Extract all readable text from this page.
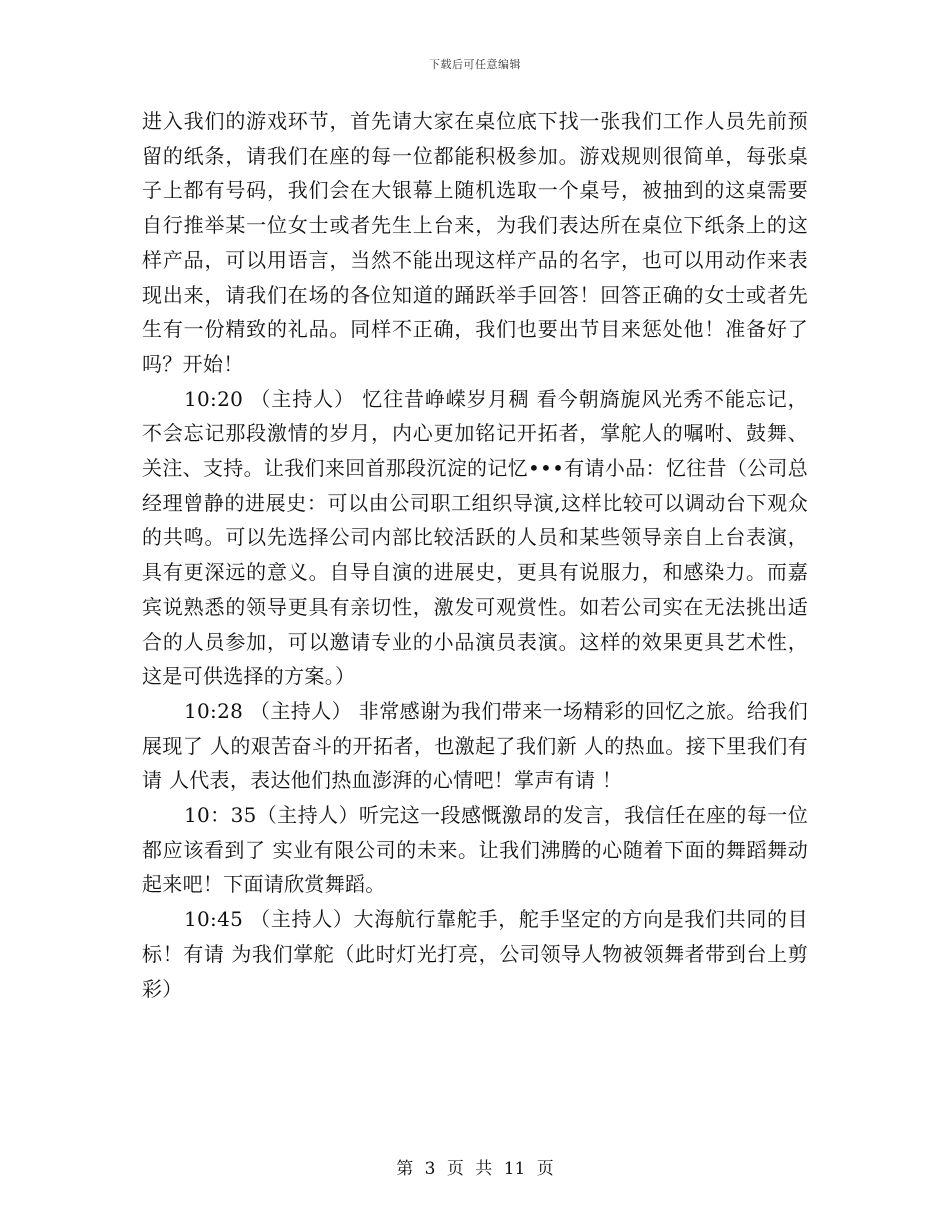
下载后可任意编辑

进入我们的游戏环节，首先请大家在桌位底下找一张我们工作人员先前预留的纸条，请我们在座的每一位都能积极参加。游戏规则很简单，每张桌子上都有号码，我们会在大银幕上随机选取一个桌号，被抽到的这桌需要自行推举某一位女士或者先生上台来，为我们表达所在桌位下纸条上的这样产品，可以用语言，当然不能出现这样产品的名字，也可以用动作来表现出来，请我们在场的各位知道的踊跃举手回答！回答正确的女士或者先生有一份精致的礼品。同样不正确，我们也要出节目来惩处他！准备好了吗？开始！

10:20 （主持人） 忆往昔峥嵘岁月稠 看今朝旖旎风光秀不能忘记，不会忘记那段激情的岁月，内心更加铭记开拓者，掌舵人的嘱咐、鼓舞、关注、支持。让我们来回首那段沉淀的记忆•••有请小品：忆往昔（公司总经理曾静的进展史：可以由公司职工组织导演,这样比较可以调动台下观众的共鸣。可以先选择公司内部比较活跃的人员和某些领导亲自上台表演，具有更深远的意义。自导自演的进展史，更具有说服力，和感染力。而嘉宾说熟悉的领导更具有亲切性，激发可观赏性。如若公司实在无法挑出适合的人员参加，可以邀请专业的小品演员表演。这样的效果更具艺术性，这是可供选择的方案。）

10:28 （主持人） 非常感谢为我们带来一场精彩的回忆之旅。给我们展现了 人的艰苦奋斗的开拓者，也激起了我们新 人的热血。接下里我们有请 人代表，表达他们热血澎湃的心情吧！掌声有请 ！

10：35（主持人）听完这一段感慨激昂的发言，我信任在座的每一位都应该看到了 实业有限公司的未来。让我们沸腾的心随着下面的舞蹈舞动起来吧！下面请欣赏舞蹈。

10:45 （主持人）大海航行靠舵手，舵手坚定的方向是我们共同的目标！有请 为我们掌舵（此时灯光打亮，公司领导人物被领舞者带到台上剪彩）

第 3 页 共 11 页
